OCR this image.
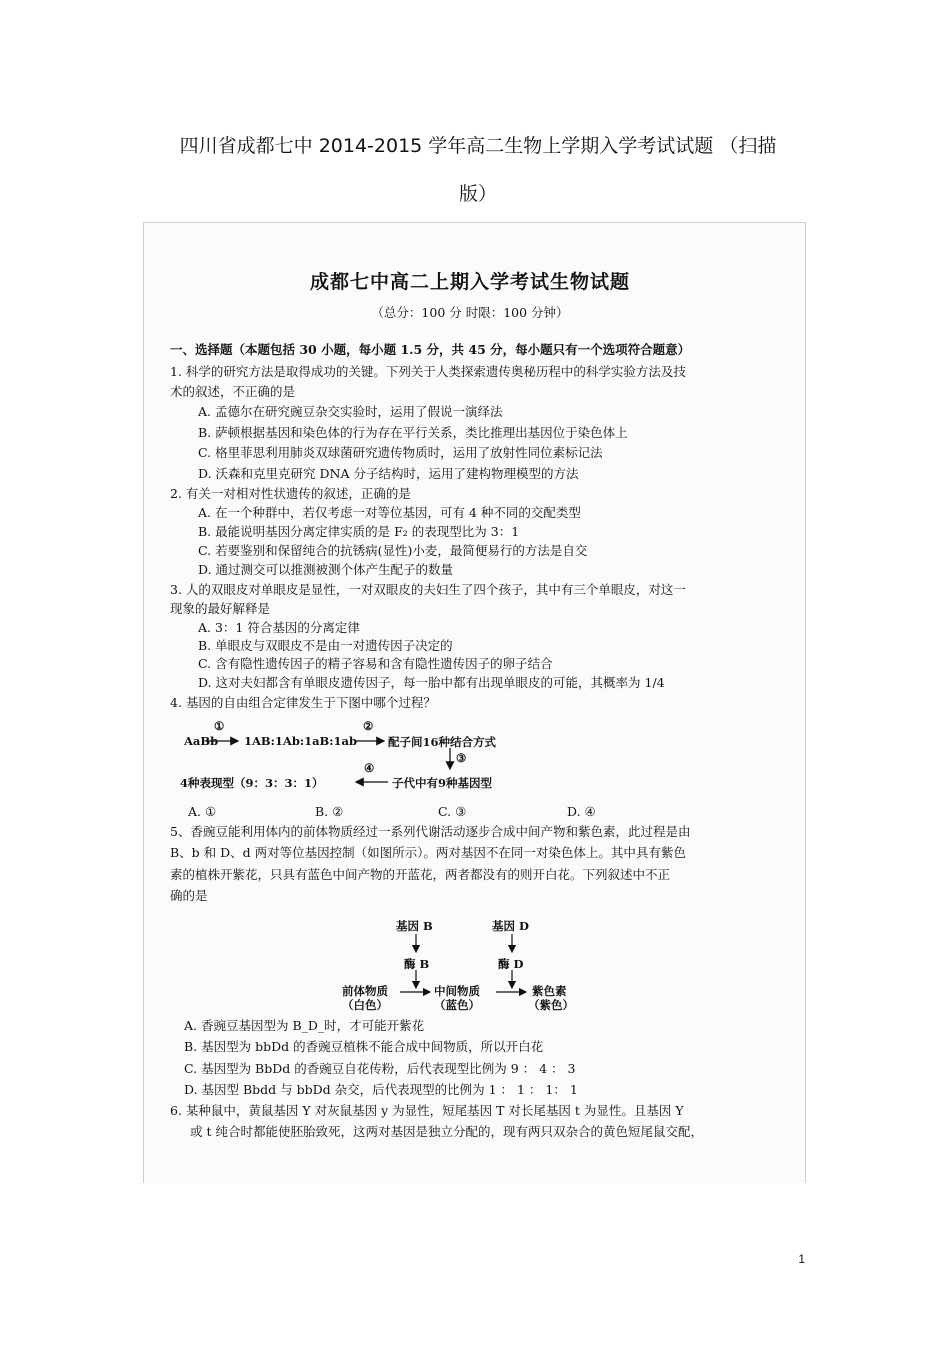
四川省成都七中 2014-2015 学年高二生物上学期入学考试试题 （扫描
版）
成都七中高二上期入学考试生物试题
（总分：100 分 时限：100 分钟）
一、选择题（本题包括 30 小题，每小题 1.5 分，共 45 分，每小题只有一个选项符合题意）
1. 科学的研究方法是取得成功的关键。下列关于人类探索遗传奥秘历程中的科学实验方法及技
术的叙述，不正确的是
A. 孟德尔在研究豌豆杂交实验时，运用了假说一演绎法
B. 萨顿根据基因和染色体的行为存在平行关系，类比推理出基因位于染色体上
C. 格里菲思利用肺炎双球菌研究遗传物质时，运用了放射性同位素标记法
D. 沃森和克里克研究 DNA 分子结构时，运用了建构物理模型的方法
2. 有关一对相对性状遗传的叙述，正确的是
A. 在一个种群中，若仅考虑一对等位基因，可有 4 种不同的交配类型
B. 最能说明基因分离定律实质的是 F₂ 的表现型比为 3：1
C. 若要鉴别和保留纯合的抗锈病(显性)小麦，最简便易行的方法是自交
D. 通过测交可以推测被测个体产生配子的数量
3. 人的双眼皮对单眼皮是显性，一对双眼皮的夫妇生了四个孩子，其中有三个单眼皮，对这一
现象的最好解释是
A. 3：1 符合基因的分离定律
B. 单眼皮与双眼皮不是由一对遗传因子决定的
C. 含有隐性遗传因子的精子容易和含有隐性遗传因子的卵子结合
D. 这对夫妇都含有单眼皮遗传因子，每一胎中都有出现单眼皮的可能，其概率为 1/4
4. 基因的自由组合定律发生于下图中哪个过程？
AaBb
①
1AB:1Ab:1aB:1ab
②
配子间16种结合方式
③
4种表现型（9：3：3：1）
④
子代中有9种基因型
A. ①	B. ②	C. ③	D. ④
5、香豌豆能利用体内的前体物质经过一系列代谢活动逐步合成中间产物和紫色素，此过程是由
B、b 和 D、d 两对等位基因控制（如图所示）。两对基因不在同一对染色体上。其中具有紫色
素的植株开紫花，只具有蓝色中间产物的开蓝花，两者都没有的则开白花。下列叙述中不正
确的是
基因 B	基因 D
酶 B	酶 D
前体物质
（白色）
中间物质
（蓝色）
紫色素
（紫色）
A. 香豌豆基因型为 B_D_时，才可能开紫花
B. 基因型为 bbDd 的香豌豆植株不能合成中间物质，所以开白花
C. 基因型为 BbDd 的香豌豆自花传粉，后代表现型比例为 9 ： 4 ： 3
D. 基因型 Bbdd 与 bbDd 杂交，后代表现型的比例为 1 ： 1 ： 1： 1
6. 某种鼠中，黄鼠基因 Y 对灰鼠基因 y 为显性，短尾基因 T 对长尾基因 t 为显性。且基因 Y
或 t 纯合时都能使胚胎致死，这两对基因是独立分配的，现有两只双杂合的黄色短尾鼠交配，
1
